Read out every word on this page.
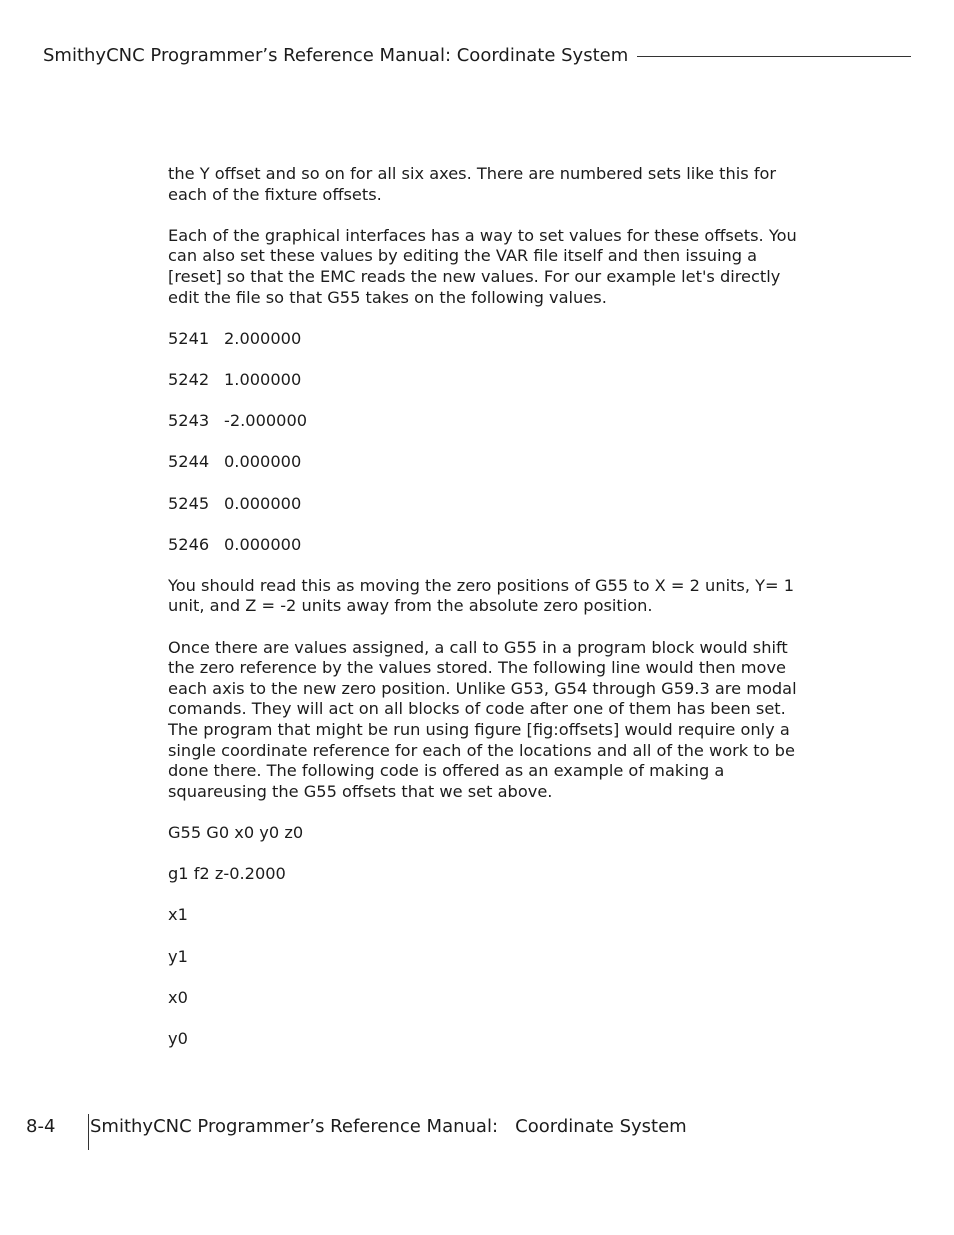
SmithyCNC Programmer’s Reference Manual: Coordinate System

the Y offset and so on for all six axes. There are numbered sets like this for each of the fixture offsets.

Each of the graphical interfaces has a way to set values for these offsets. You can also set these values by editing the VAR file itself and then issuing a [reset] so that the EMC reads the new values. For our example let's directly edit the file so that G55 takes on the following values.

5241 2.000000
5242 1.000000
5243 -2.000000
5244 0.000000
5245 0.000000
5246 0.000000

You should read this as moving the zero positions of G55 to X = 2 units, Y= 1 unit, and Z = -2 units away from the absolute zero position.

Once there are values assigned, a call to G55 in a program block would shift the zero reference by the values stored. The following line would then move each axis to the new zero position. Unlike G53, G54 through G59.3 are modal comands. They will act on all blocks of code after one of them has been set. The program that might be run using figure [fig:offsets] would require only a single coordinate reference for each of the locations and all of the work to be done there. The following code is offered as an example of making a squareusing the G55 offsets that we set above.

G55 G0 x0 y0 z0
g1 f2 z-0.2000
x1
y1
x0
y0
8-4 SmithyCNC Programmer’s Reference Manual:   Coordinate System
